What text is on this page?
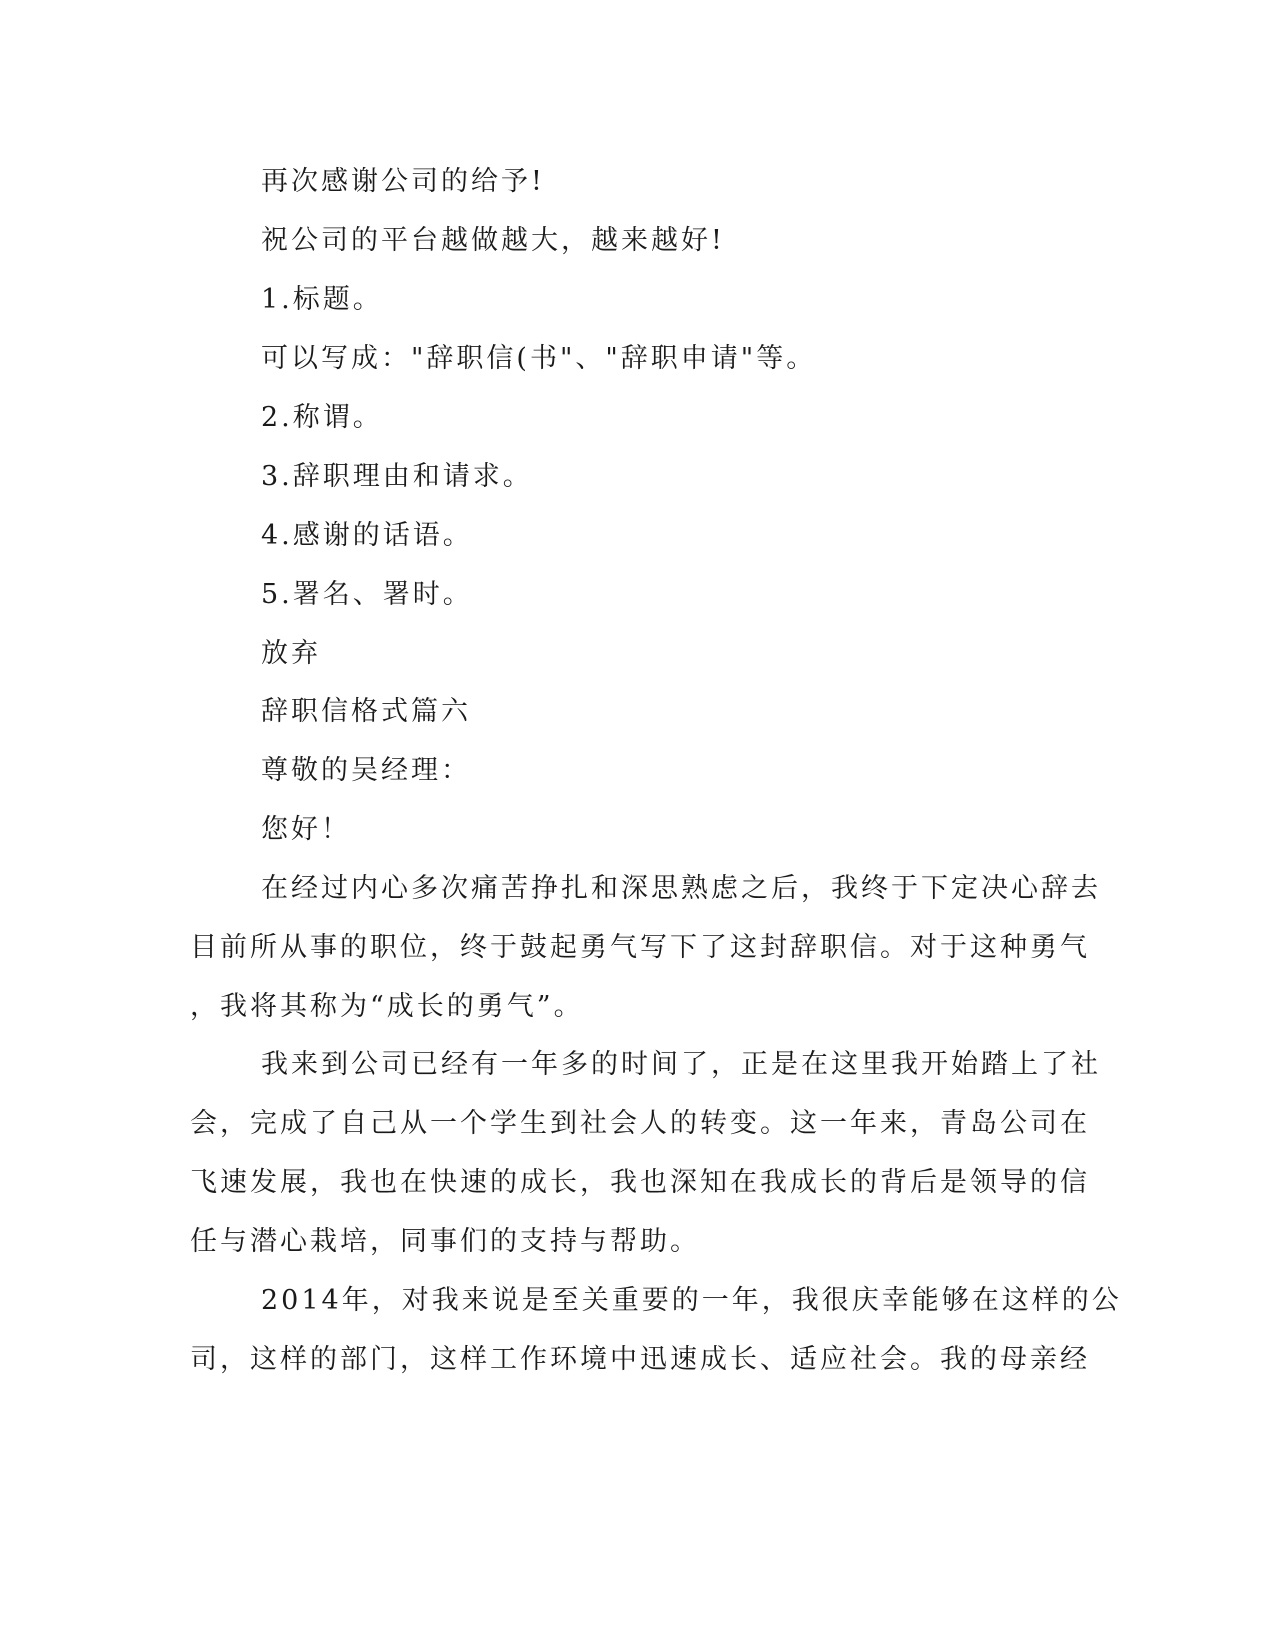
再次感谢公司的给予!
祝公司的平台越做越大，越来越好!
1.标题。
可以写成："辞职信(书"、"辞职申请"等。
2.称谓。
3.辞职理由和请求。
4.感谢的话语。
5.署名、署时。
放弃
辞职信格式篇六
尊敬的吴经理：
您好！
在经过内心多次痛苦挣扎和深思熟虑之后，我终于下定决心辞去
目前所从事的职位，终于鼓起勇气写下了这封辞职信。对于这种勇气
，我将其称为“成长的勇气”。
我来到公司已经有一年多的时间了，正是在这里我开始踏上了社
会，完成了自己从一个学生到社会人的转变。这一年来，青岛公司在
飞速发展，我也在快速的成长，我也深知在我成长的背后是领导的信
任与潜心栽培，同事们的支持与帮助。
2014年，对我来说是至关重要的一年，我很庆幸能够在这样的公
司，这样的部门，这样工作环境中迅速成长、适应社会。我的母亲经
